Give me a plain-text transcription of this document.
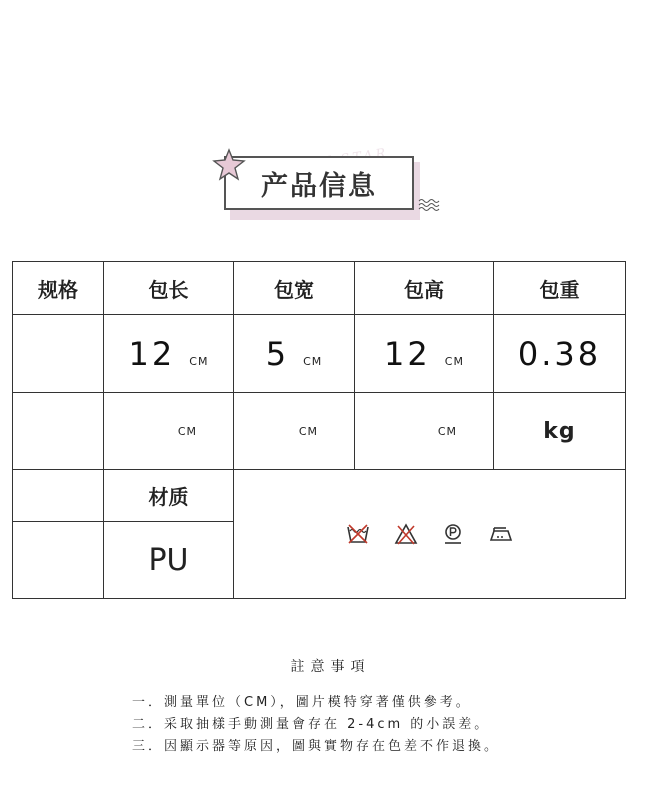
产品信息
规格	包长	包宽	包高	包重

	12 CM	5 CM	12 CM	0.38

	CM	CM	CM	kg
	材质	

	PU			
註意事項
一．測量單位（CM），圖片模特穿著僅供參考。
二．采取抽樣手動測量會存在 2-4cm 的小誤差。
三．因顯示器等原因，圖與實物存在色差不作退換。
